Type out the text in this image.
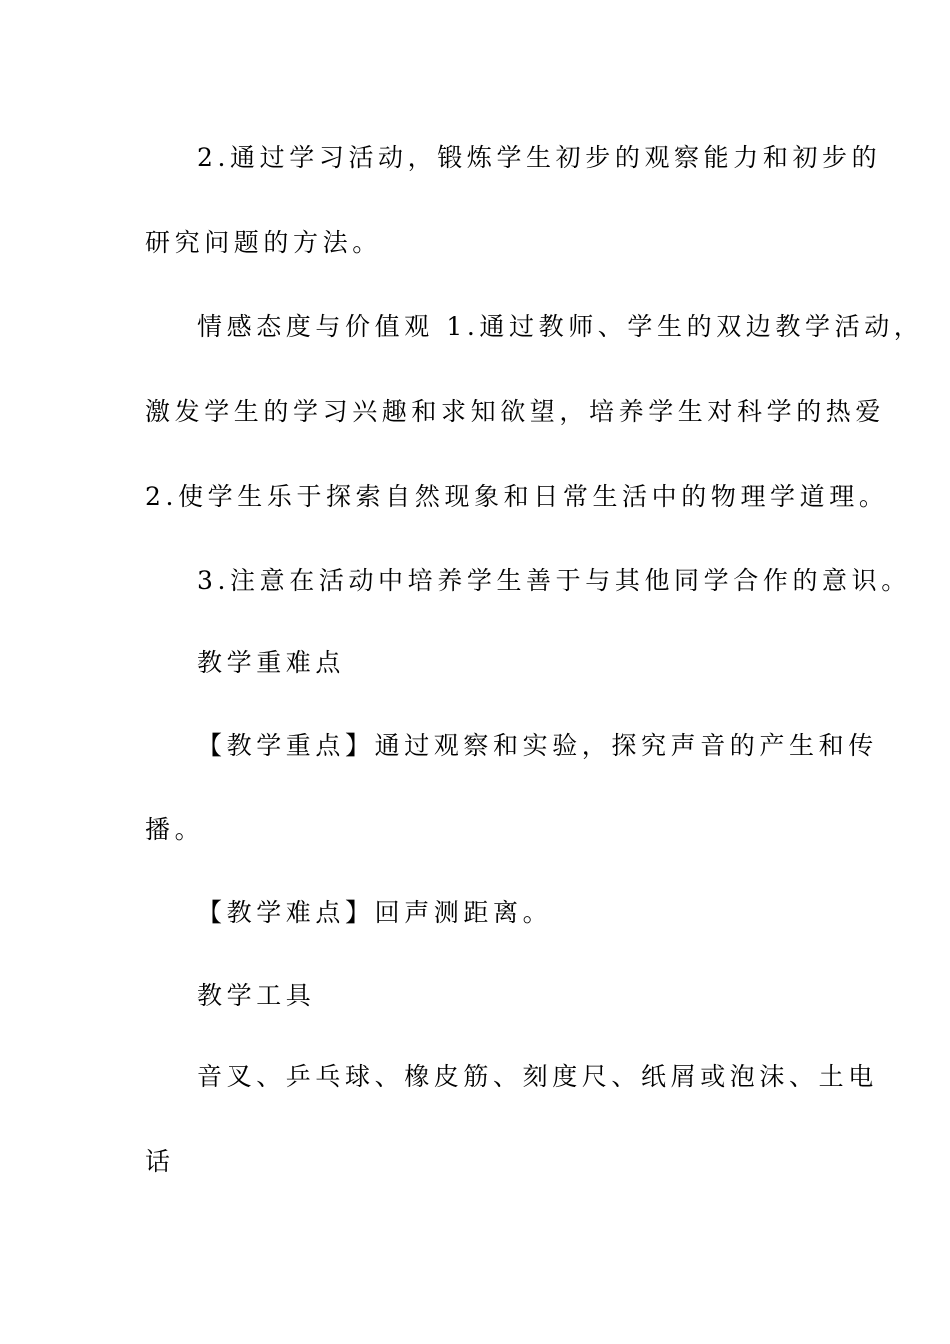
2.通过学习活动，锻炼学生初步的观察能力和初步的
研究问题的方法。
情感态度与价值观 1.通过教师、学生的双边教学活动，
激发学生的学习兴趣和求知欲望，培养学生对科学的热爱
2.使学生乐于探索自然现象和日常生活中的物理学道理。
3.注意在活动中培养学生善于与其他同学合作的意识。
教学重难点
【教学重点】通过观察和实验，探究声音的产生和传
播。
【教学难点】回声测距离。
教学工具
音叉、乒乓球、橡皮筋、刻度尺、纸屑或泡沫、土电
话
